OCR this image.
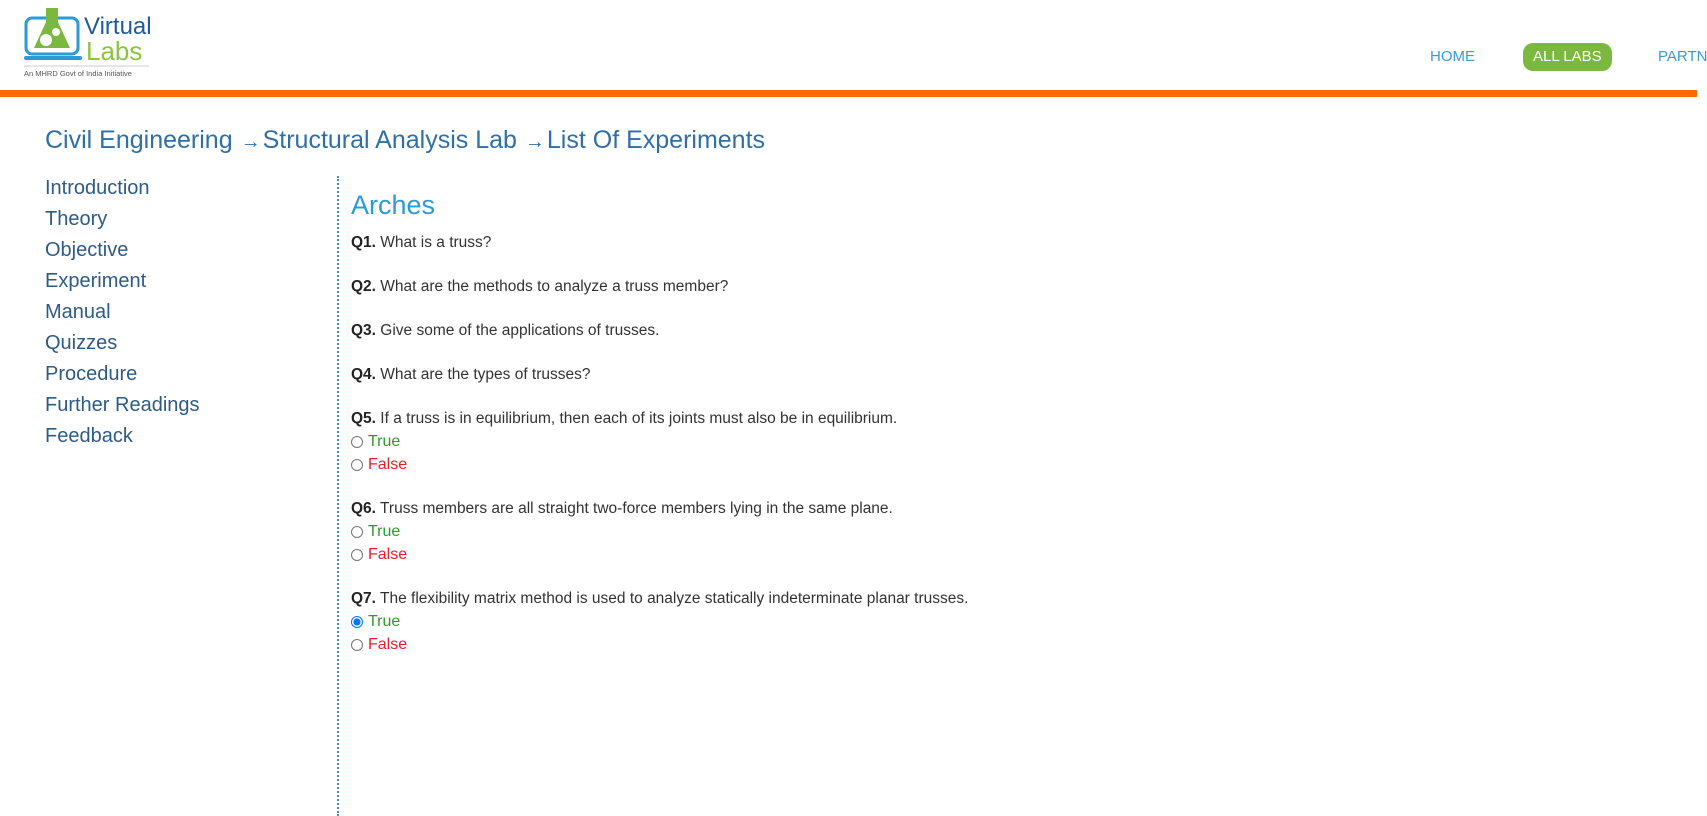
Virtual
Labs
An MHRD Govt of India Initiative
HOME	ALL LABS	PARTN
Civil Engineering →Structural Analysis Lab →List Of Experiments
Introduction
Theory
Objective
Experiment
Manual
Quizzes
Procedure
Further Readings
Feedback
Arches
Q1. What is a truss?
Q2. What are the methods to analyze a truss member?
Q3. Give some of the applications of trusses.
Q4. What are the types of trusses?
Q5. If a truss is in equilibrium, then each of its joints must also be in equilibrium.
True
False
Q6. Truss members are all straight two-force members lying in the same plane.
True
False
Q7. The flexibility matrix method is used to analyze statically indeterminate planar trusses.
True
False
